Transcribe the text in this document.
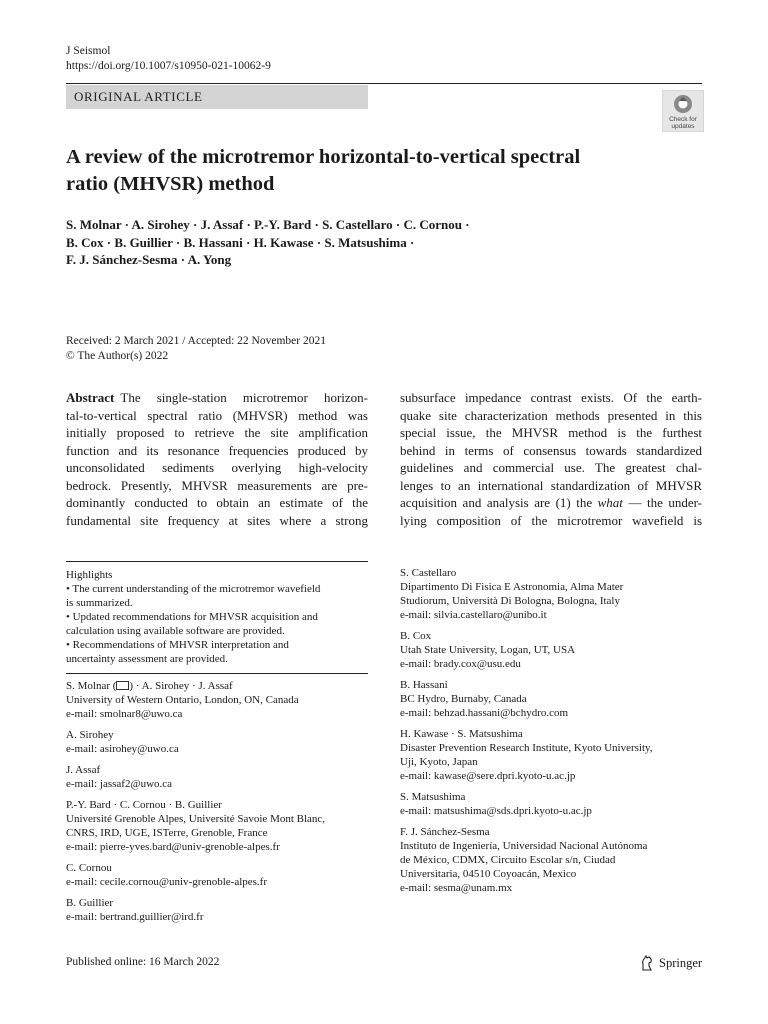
J Seismol
https://doi.org/10.1007/s10950-021-10062-9
ORIGINAL ARTICLE
Check for
updates
A review of the microtremor horizontal-to-vertical spectral
ratio (MHVSR) method
S. Molnar · A. Sirohey · J. Assaf · P.-Y. Bard · S. Castellaro · C. Cornou ·
B. Cox · B. Guillier · B. Hassani · H. Kawase · S. Matsushima ·
F. J. Sánchez-Sesma · A. Yong
Received: 2 March 2021 / Accepted: 22 November 2021
© The Author(s) 2022
Abstract The single-station microtremor horizon-
tal-to-vertical spectral ratio (MHVSR) method was
initially proposed to retrieve the site amplification
function and its resonance frequencies produced by
unconsolidated sediments overlying high-velocity
bedrock. Presently, MHVSR measurements are pre-
dominantly conducted to obtain an estimate of the
fundamental site frequency at sites where a strong
subsurface impedance contrast exists. Of the earth-
quake site characterization methods presented in this
special issue, the MHVSR method is the furthest
behind in terms of consensus towards standardized
guidelines and commercial use. The greatest chal-
lenges to an international standardization of MHVSR
acquisition and analysis are (1) the what — the under-
lying composition of the microtremor wavefield is
Highlights
• The current understanding of the microtremor wavefield
is summarized.
• Updated recommendations for MHVSR acquisition and
calculation using available software are provided.
• Recommendations of MHVSR interpretation and
uncertainty assessment are provided.
S. Molnar ( ) · A. Sirohey · J. Assaf
University of Western Ontario, London, ON, Canada
e-mail: smolnar8@uwo.ca
A. Sirohey
e-mail: asirohey@uwo.ca
J. Assaf
e-mail: jassaf2@uwo.ca
P.-Y. Bard · C. Cornou · B. Guillier
Université Grenoble Alpes, Université Savoie Mont Blanc,
CNRS, IRD, UGE, ISTerre, Grenoble, France
e-mail: pierre-yves.bard@univ-grenoble-alpes.fr
C. Cornou
e-mail: cecile.cornou@univ-grenoble-alpes.fr
B. Guillier
e-mail: bertrand.guillier@ird.fr
S. Castellaro
Dipartimento Di Fisica E Astronomia, Alma Mater
Studiorum, Università Di Bologna, Bologna, Italy
e-mail: silvia.castellaro@unibo.it
B. Cox
Utah State University, Logan, UT, USA
e-mail: brady.cox@usu.edu
B. Hassani
BC Hydro, Burnaby, Canada
e-mail: behzad.hassani@bchydro.com
H. Kawase · S. Matsushima
Disaster Prevention Research Institute, Kyoto University,
Uji, Kyoto, Japan
e-mail: kawase@sere.dpri.kyoto-u.ac.jp
S. Matsushima
e-mail: matsushima@sds.dpri.kyoto-u.ac.jp
F. J. Sánchez-Sesma
Instituto de Ingeniería, Universidad Nacional Autónoma
de México, CDMX, Circuito Escolar s/n, Ciudad
Universitaria, 04510 Coyoacán, Mexico
e-mail: sesma@unam.mx
Published online: 16 March 2022	Springer
